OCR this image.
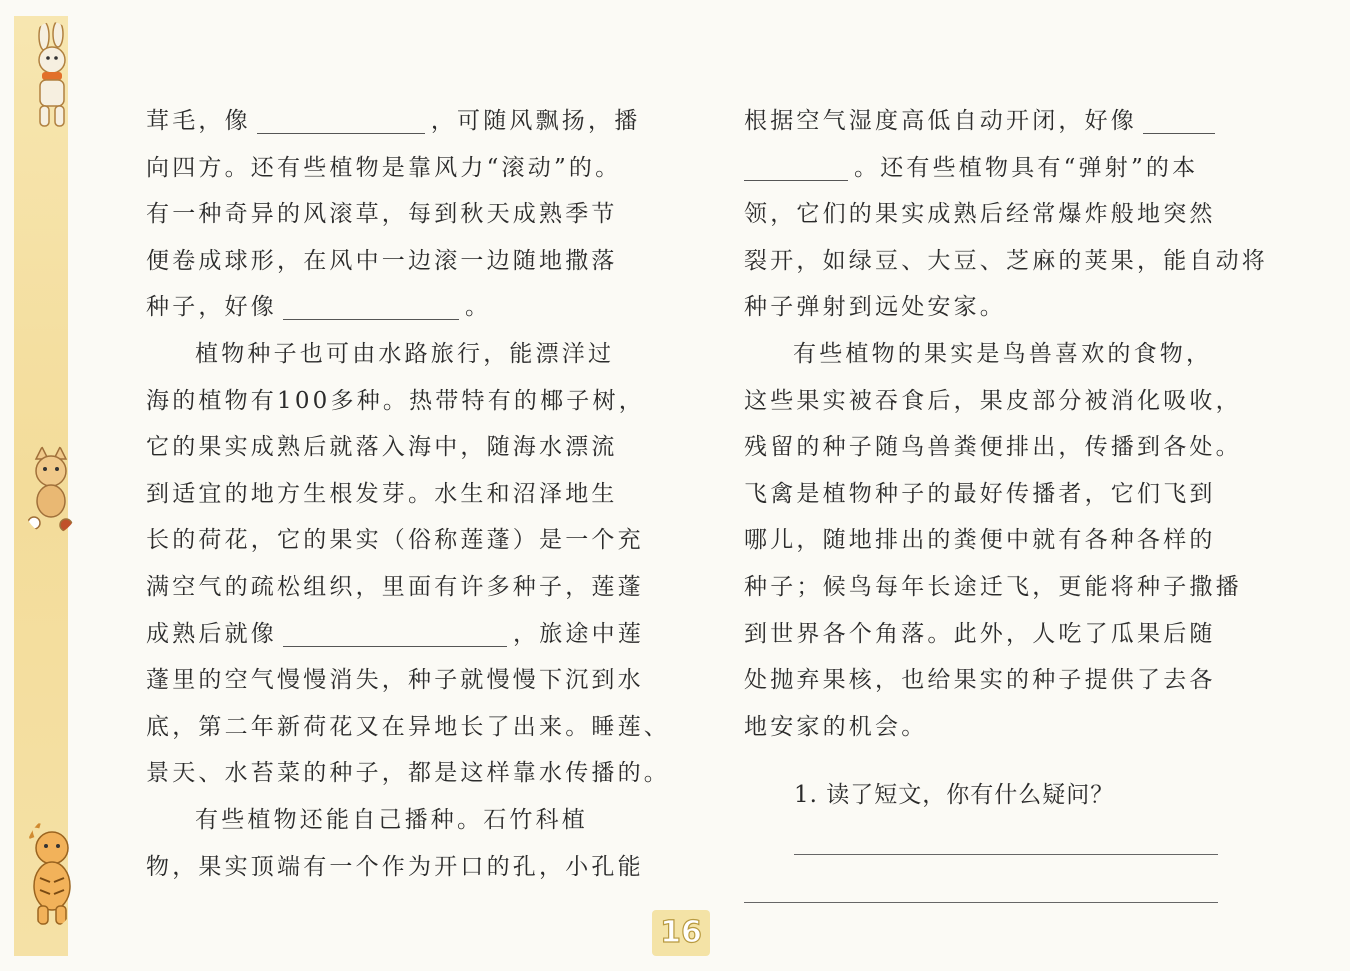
茸毛，像	，可随风飘扬，播
向四方。还有些植物是靠风力“滚动”的。
有一种奇异的风滚草，每到秋天成熟季节
便卷成球形，在风中一边滚一边随地撒落
种子，好像	。
植物种子也可由水路旅行，能漂洋过
海的植物有100多种。热带特有的椰子树，
它的果实成熟后就落入海中，随海水漂流
到适宜的地方生根发芽。水生和沼泽地生
长的荷花，它的果实（俗称莲蓬）是一个充
满空气的疏松组织，里面有许多种子，莲蓬
成熟后就像	，旅途中莲
蓬里的空气慢慢消失，种子就慢慢下沉到水
底，第二年新荷花又在异地长了出来。睡莲、
景天、水苔菜的种子，都是这样靠水传播的。
有些植物还能自己播种。石竹科植
物，果实顶端有一个作为开口的孔，小孔能
根据空气湿度高低自动开闭，好像
。还有些植物具有“弹射”的本
领，它们的果实成熟后经常爆炸般地突然
裂开，如绿豆、大豆、芝麻的荚果，能自动将
种子弹射到远处安家。
有些植物的果实是鸟兽喜欢的食物，
这些果实被吞食后，果皮部分被消化吸收，
残留的种子随鸟兽粪便排出，传播到各处。
飞禽是植物种子的最好传播者，它们飞到
哪儿，随地排出的粪便中就有各种各样的
种子；候鸟每年长途迁飞，更能将种子撒播
到世界各个角落。此外，人吃了瓜果后随
处抛弃果核，也给果实的种子提供了去各
地安家的机会。
1. 读了短文，你有什么疑问？
16
